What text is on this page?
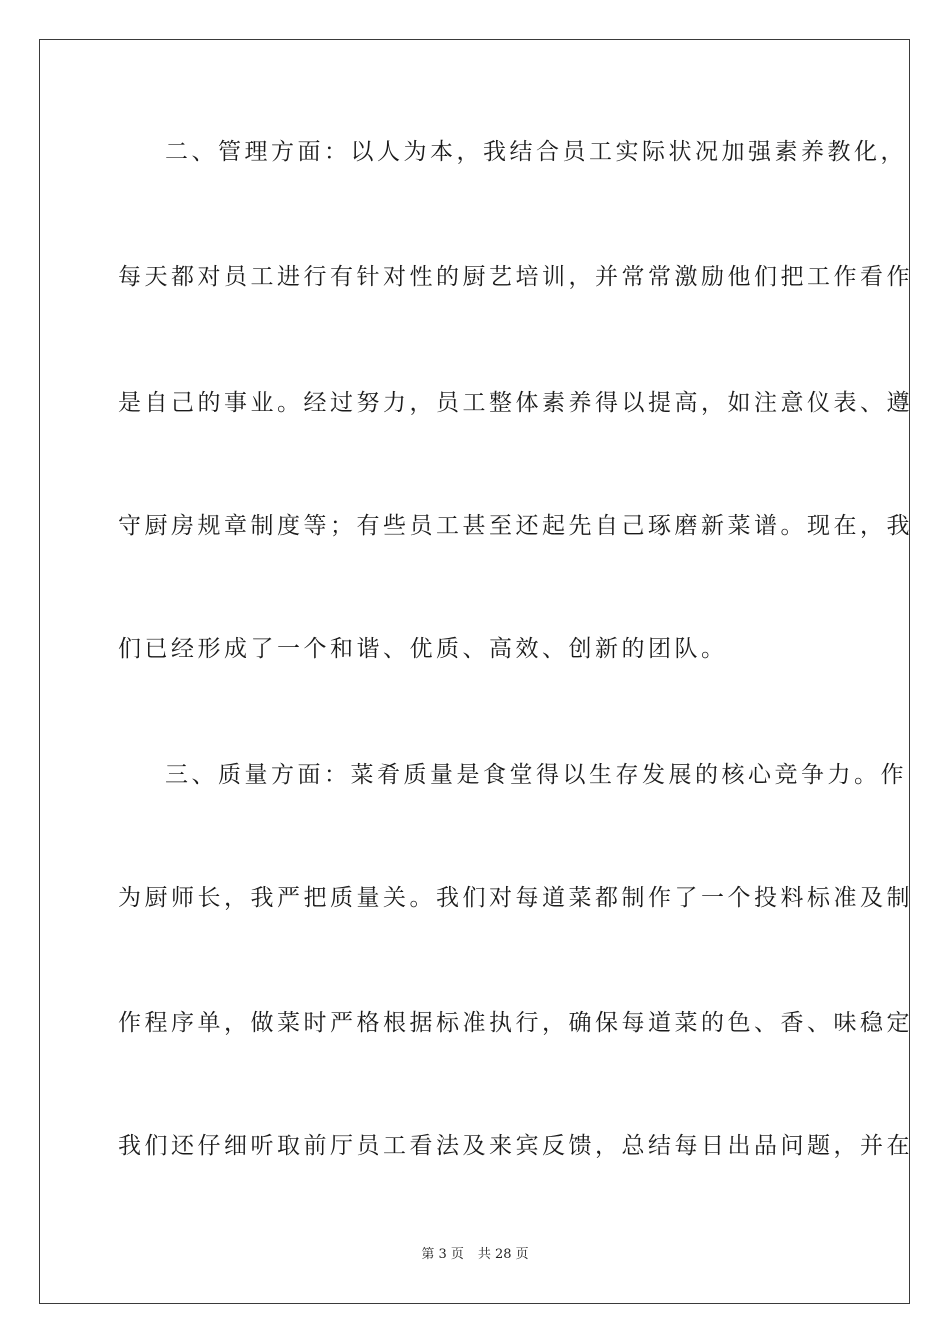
二、管理方面：以人为本，我结合员工实际状况加强素养教化，
每天都对员工进行有针对性的厨艺培训，并常常激励他们把工作看作
是自己的事业。经过努力，员工整体素养得以提高，如注意仪表、遵
守厨房规章制度等；有些员工甚至还起先自己琢磨新菜谱。现在，我
们已经形成了一个和谐、优质、高效、创新的团队。
三、质量方面：菜肴质量是食堂得以生存发展的核心竞争力。作
为厨师长，我严把质量关。我们对每道菜都制作了一个投料标准及制
作程序单，做菜时严格根据标准执行，确保每道菜的色、香、味稳定
我们还仔细听取前厅员工看法及来宾反馈，总结每日出品问题，并在
第 3 页 共 28 页
